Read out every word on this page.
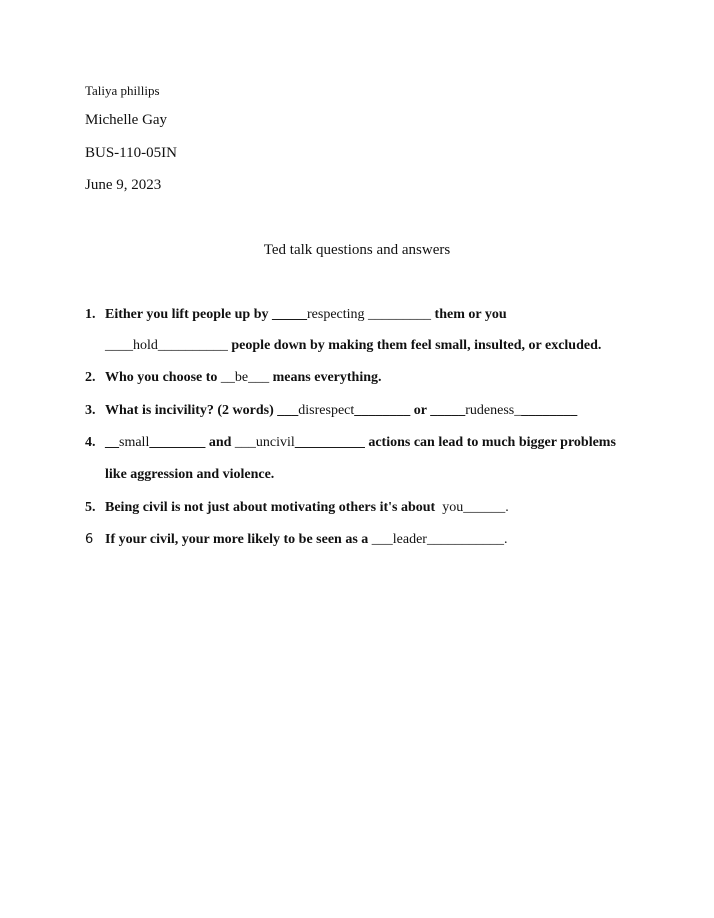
Taliya phillips
Michelle Gay
BUS-110-05IN
June 9, 2023
Ted talk questions and answers
1. Either you lift people up by _____respecting _________ them or you
____hold__________ people down by making them feel small, insulted, or excluded.
2. Who you choose to __be___ means everything.
3. What is incivility? (2 words) ___disrespect________ or _____rudeness_________
4. __small________ and ___uncivil__________ actions can lead to much bigger problems
like aggression and violence.
5. Being civil is not just about motivating others it's about  you______.
6 If your civil, your more likely to be seen as a ___leader___________.
